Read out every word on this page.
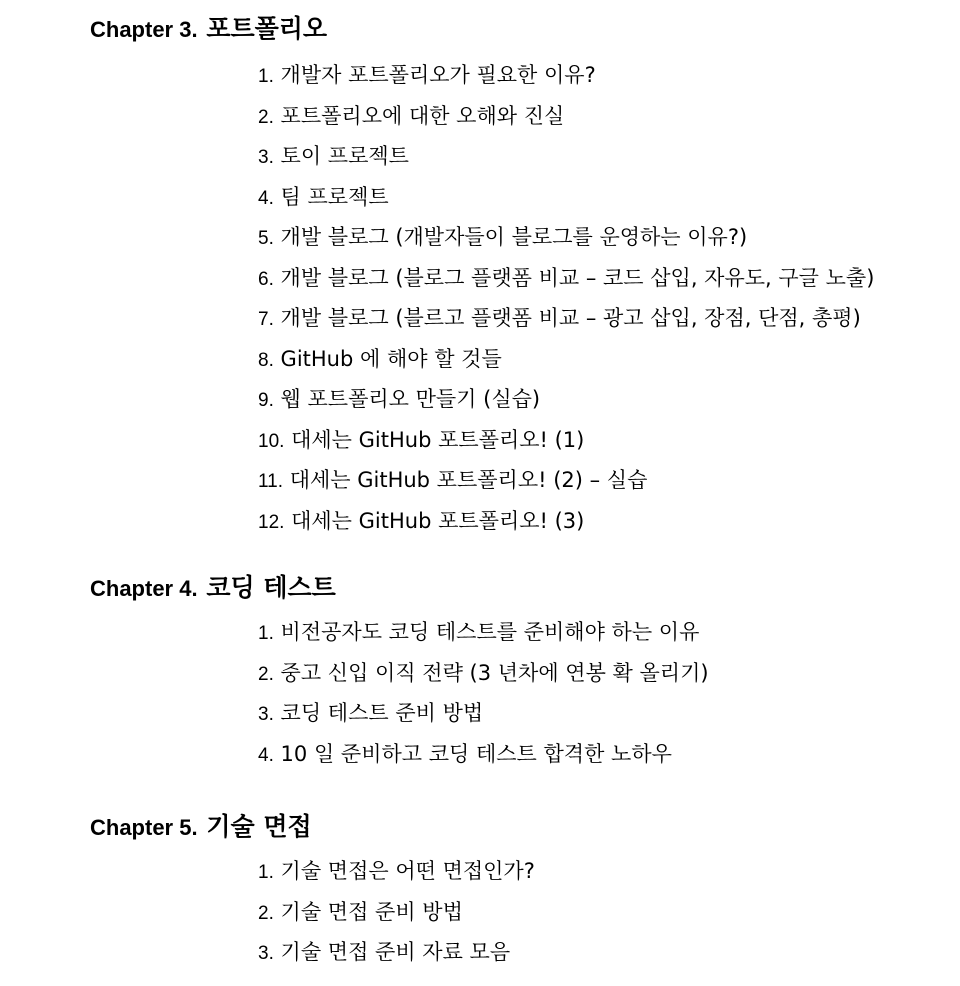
Chapter 3. 포트폴리오
1. 개발자 포트폴리오가 필요한 이유?
2. 포트폴리오에 대한 오해와 진실
3. 토이 프로젝트
4. 팀 프로젝트
5. 개발 블로그 (개발자들이 블로그를 운영하는 이유?)
6. 개발 블로그 (블로그 플랫폼 비교 – 코드 삽입, 자유도, 구글 노출)
7. 개발 블로그 (블르고 플랫폼 비교 – 광고 삽입, 장점, 단점, 총평)
8. GitHub 에 해야 할 것들
9. 웹 포트폴리오 만들기 (실습)
10. 대세는 GitHub 포트폴리오! (1)
11. 대세는 GitHub 포트폴리오! (2) – 실습
12. 대세는 GitHub 포트폴리오! (3)
Chapter 4. 코딩 테스트
1. 비전공자도 코딩 테스트를 준비해야 하는 이유
2. 중고 신입 이직 전략 (3 년차에 연봉 확 올리기)
3. 코딩 테스트 준비 방법
4. 10 일 준비하고 코딩 테스트 합격한 노하우
Chapter 5. 기술 면접
1. 기술 면접은 어떤 면접인가?
2. 기술 면접 준비 방법
3. 기술 면접 준비 자료 모음
